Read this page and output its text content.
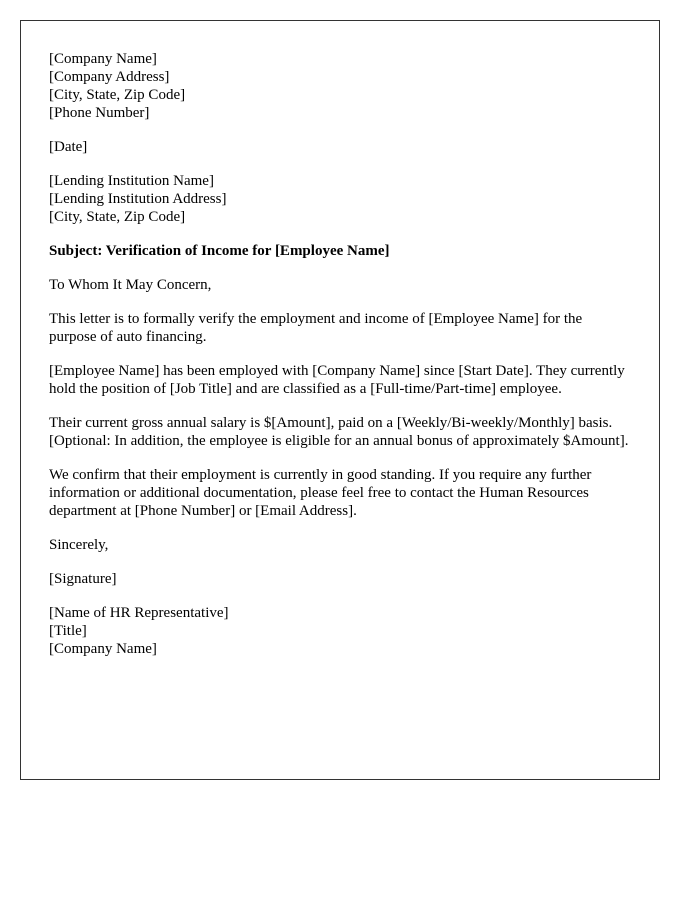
[Company Name]
[Company Address]
[City, State, Zip Code]
[Phone Number]
[Date]
[Lending Institution Name]
[Lending Institution Address]
[City, State, Zip Code]
Subject: Verification of Income for [Employee Name]
To Whom It May Concern,

This letter is to formally verify the employment and income of [Employee Name] for the purpose of auto financing.

[Employee Name] has been employed with [Company Name] since [Start Date]. They currently hold the position of [Job Title] and are classified as a [Full-time/Part-time] employee.

Their current gross annual salary is $[Amount], paid on a [Weekly/Bi-weekly/Monthly] basis. [Optional: In addition, the employee is eligible for an annual bonus of approximately $Amount].

We confirm that their employment is currently in good standing. If you require any further information or additional documentation, please feel free to contact the Human Resources department at [Phone Number] or [Email Address].

Sincerely,
[Signature]
[Name of HR Representative]
[Title]
[Company Name]
